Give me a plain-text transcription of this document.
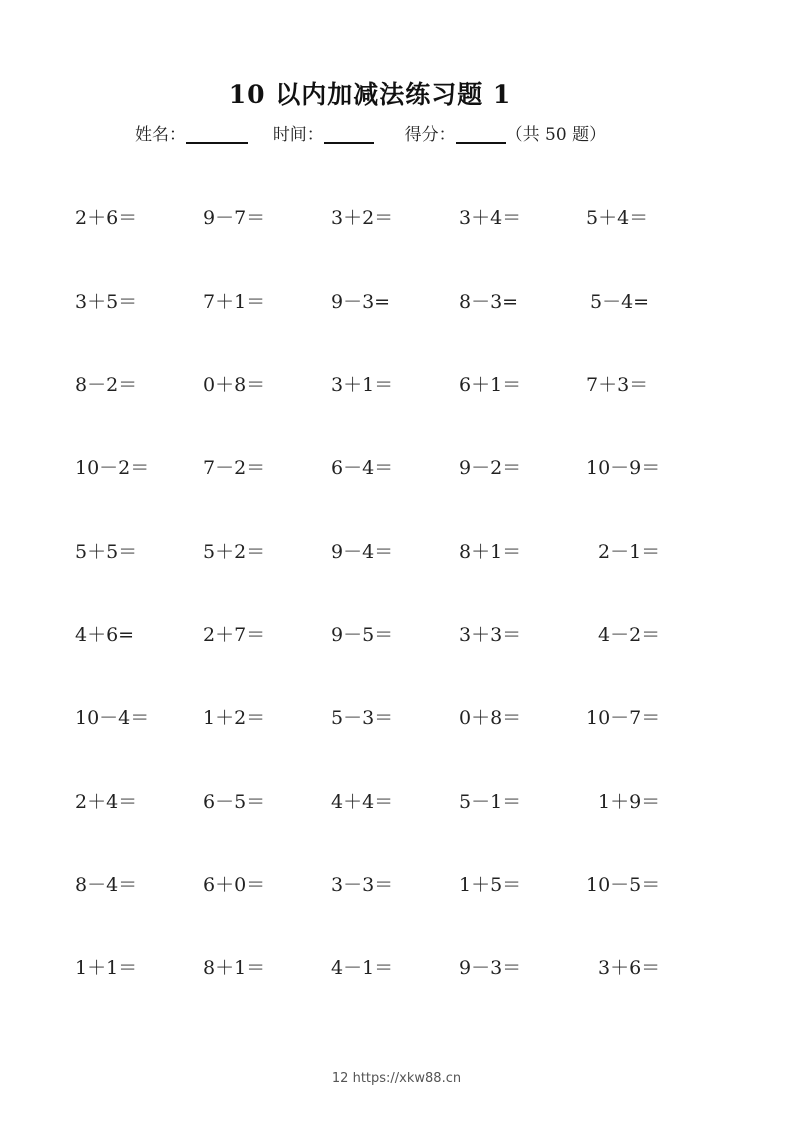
10 以内加减法练习题 1
姓名：	时间：	得分：	（共 50 题）
2＋6＝	9－7＝	3＋2＝	3＋4＝	5＋4＝
3＋5＝	7＋1＝	9－3=	8－3=	5－4=
8－2＝	0＋8＝	3＋1＝	6＋1＝	7＋3＝
10－2＝	7－2＝	6－4＝	9－2＝	10－9＝
5＋5＝	5＋2＝	9－4＝	8＋1＝	2－1＝
4＋6=	2＋7＝	9－5＝	3＋3＝	4－2＝
10－4＝	1＋2＝	5－3＝	0＋8＝	10－7＝
2＋4＝	6－5＝	4＋4＝	5－1＝	1＋9＝
8－4＝	6＋0＝	3－3＝	1＋5＝	10－5＝
1＋1＝	8＋1＝	4－1＝	9－3＝	3＋6＝
12 https://xkw88.cn
